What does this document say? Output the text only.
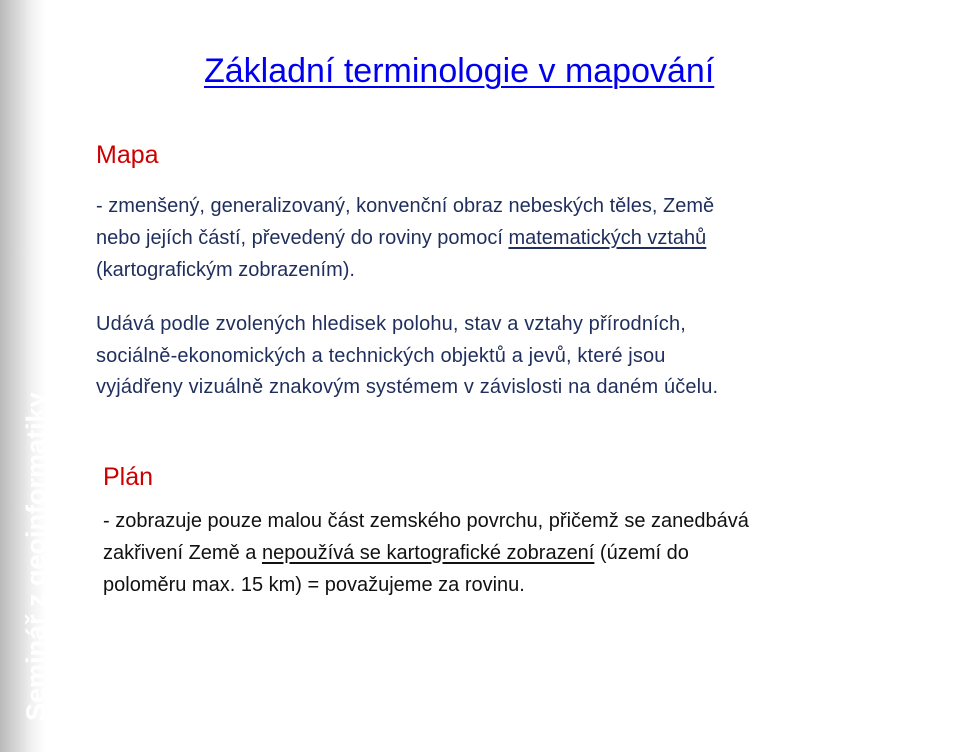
Seminář z geoinformatiky
Základní terminologie v mapování
Mapa
- zmenšený, generalizovaný, konvenční obraz nebeských těles, Země
nebo jejích částí, převedený do roviny pomocí matematických vztahů
(kartografickým zobrazením).
Udává podle zvolených hledisek polohu, stav a vztahy přírodních,
sociálně-ekonomických a technických objektů a jevů, které jsou
vyjádřeny vizuálně znakovým systémem v závislosti na daném účelu.
Plán
- zobrazuje pouze malou část zemského povrchu, přičemž se zanedbává
zakřivení Země a nepoužívá se kartografické zobrazení (území do
poloměru max. 15 km) = považujeme za rovinu.
